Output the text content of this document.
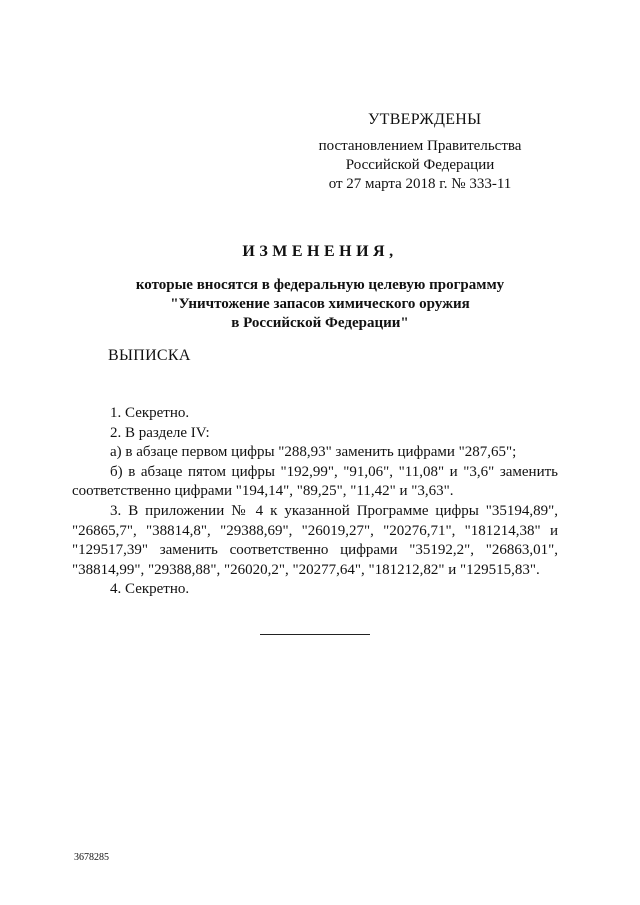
УТВЕРЖДЕНЫ
постановлением Правительства
Российской Федерации
от 27 марта 2018 г. № 333-11
ИЗМЕНЕНИЯ,
которые вносятся в федеральную целевую программу
"Уничтожение запасов химического оружия
в Российской Федерации"
ВЫПИСКА

1. Секретно.

2. В разделе IV:

а) в абзаце первом цифры "288,93" заменить цифрами "287,65";

б) в абзаце пятом цифры "192,99", "91,06", "11,08" и "3,6" заменить соответственно цифрами "194,14", "89,25", "11,42" и "3,63".

3. В приложении № 4 к указанной Программе цифры "35194,89", "26865,7", "38814,8", "29388,69", "26019,27", "20276,71", "181214,38" и "129517,39" заменить соответственно цифрами "35192,2", "26863,01", "38814,99", "29388,88", "26020,2", "20277,64", "181212,82" и "129515,83".

4. Секретно.

3678285
